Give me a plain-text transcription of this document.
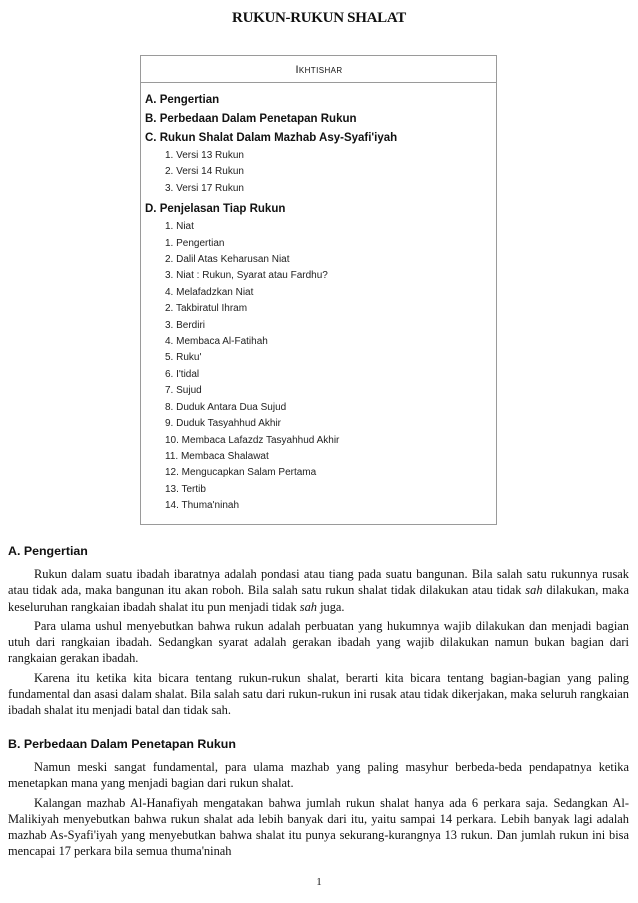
RUKUN-RUKUN SHALAT
Ikhtishar
A. Pengertian
B. Perbedaan Dalam Penetapan Rukun
C. Rukun Shalat Dalam Mazhab Asy-Syafi'iyah
1. Versi 13 Rukun
2. Versi 14 Rukun
3. Versi 17 Rukun
D. Penjelasan Tiap Rukun
1. Niat
1. Pengertian
2. Dalil Atas Keharusan Niat
3. Niat : Rukun, Syarat atau Fardhu?
4. Melafadzkan Niat
2. Takbiratul Ihram
3. Berdiri
4. Membaca Al-Fatihah
5. Ruku'
6. I'tidal
7. Sujud
8. Duduk Antara Dua Sujud
9. Duduk Tasyahhud Akhir
10. Membaca Lafazdz Tasyahhud Akhir
11. Membaca Shalawat
12. Mengucapkan Salam Pertama
13. Tertib
14. Thuma'ninah
A. Pengertian

Rukun dalam suatu ibadah ibaratnya adalah pondasi atau tiang pada suatu bangunan. Bila salah satu rukunnya rusak atau tidak ada, maka bangunan itu akan roboh. Bila salah satu rukun shalat tidak dilakukan atau tidak sah dilakukan, maka keseluruhan rangkaian ibadah shalat itu pun menjadi tidak sah juga.

Para ulama ushul menyebutkan bahwa rukun adalah perbuatan yang hukumnya wajib dilakukan dan menjadi bagian utuh dari rangkaian ibadah. Sedangkan syarat adalah gerakan ibadah yang wajib dilakukan namun bukan bagian dari rangkaian gerakan ibadah.

Karena itu ketika kita bicara tentang rukun-rukun shalat, berarti kita bicara tentang bagian-bagian yang paling fundamental dan asasi dalam shalat. Bila salah satu dari rukun-rukun ini rusak atau tidak dikerjakan, maka seluruh rangkaian ibadah shalat itu menjadi batal dan tidak sah.

B. Perbedaan Dalam Penetapan Rukun

Namun meski sangat fundamental, para ulama mazhab yang paling masyhur berbeda-beda pendapatnya ketika menetapkan mana yang menjadi bagian dari rukun shalat.

Kalangan mazhab Al-Hanafiyah mengatakan bahwa jumlah rukun shalat hanya ada 6 perkara saja. Sedangkan Al-Malikiyah menyebutkan bahwa rukun shalat ada lebih banyak dari itu, yaitu sampai 14 perkara. Lebih banyak lagi adalah mazhab As-Syafi'iyah yang menyebutkan bahwa shalat itu punya sekurang-kurangnya 13 rukun. Dan jumlah rukun ini bisa mencapai 17 perkara bila semua thuma'ninah

1
